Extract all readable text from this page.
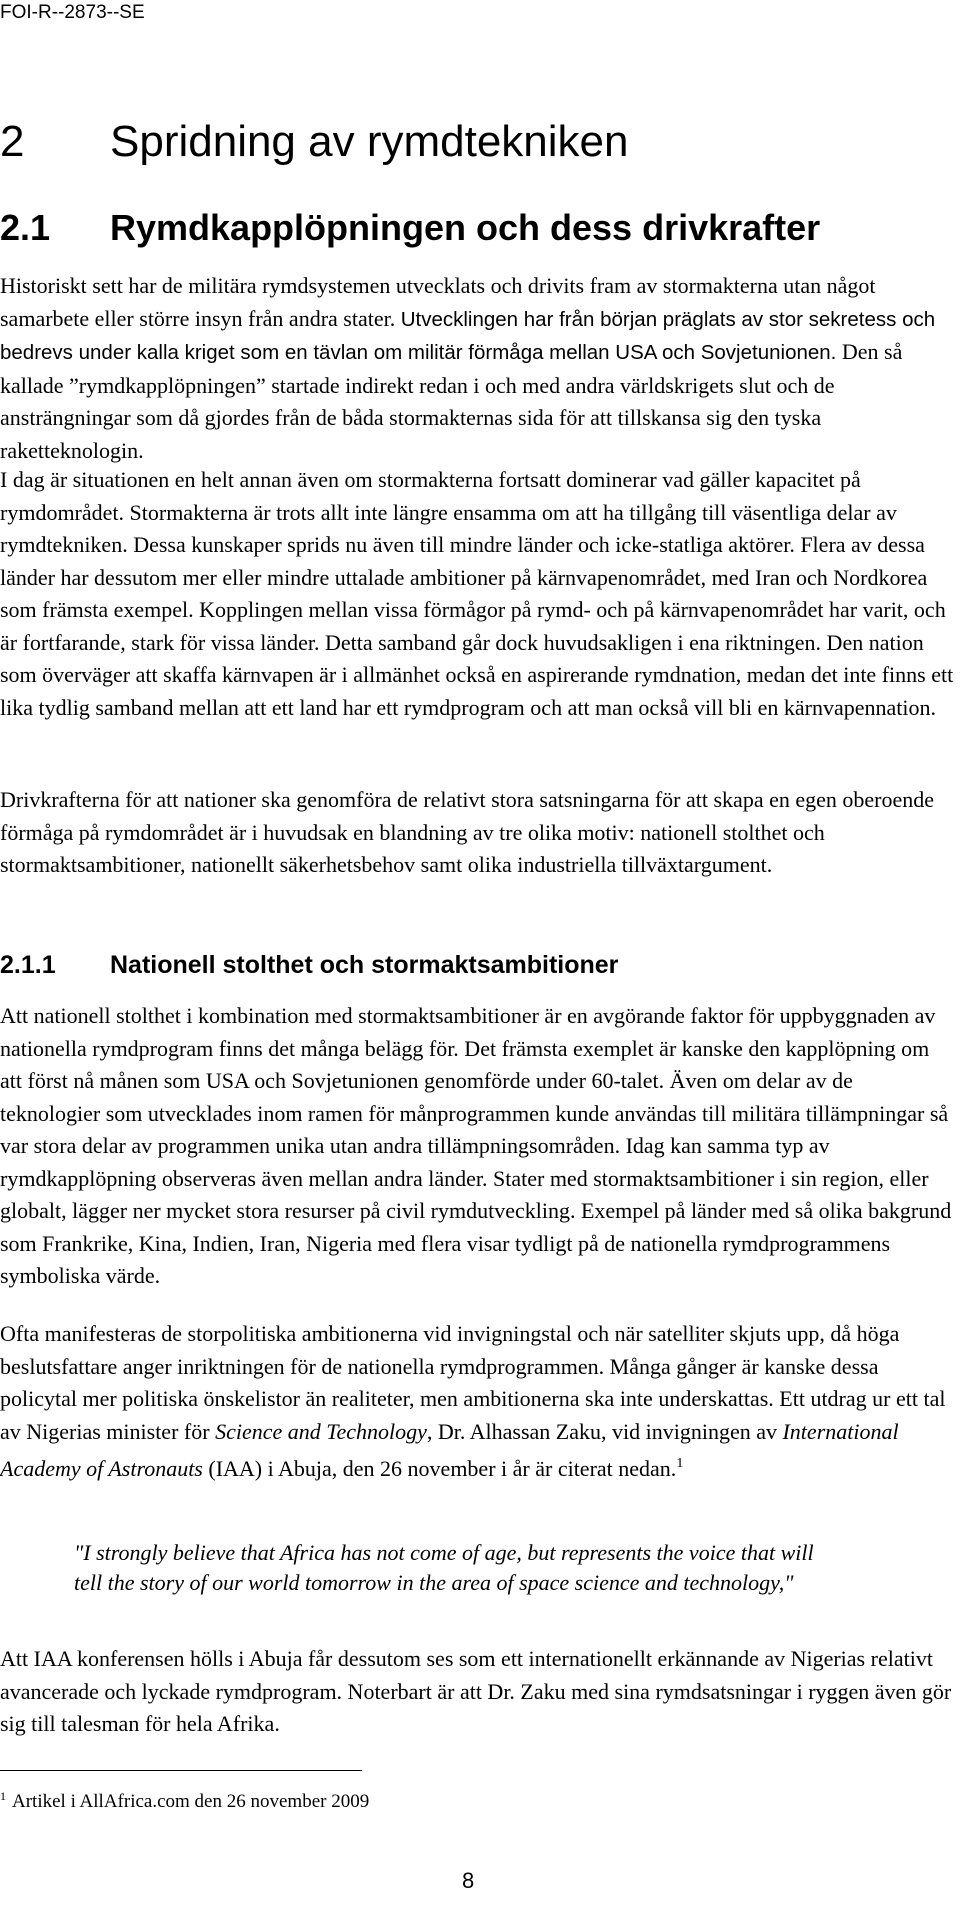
FOI-R--2873--SE
2 Spridning av rymdtekniken
2.1 Rymdkapplöpningen och dess drivkrafter
Historiskt sett har de militära rymdsystemen utvecklats och drivits fram av stormakterna utan något samarbete eller större insyn från andra stater. Utvecklingen har från början präglats av stor sekretess och bedrevs under kalla kriget som en tävlan om militär förmåga mellan USA och Sovjetunionen. Den så kallade ”rymdkapplöpningen” startade indirekt redan i och med andra världskrigets slut och de ansträngningar som då gjordes från de båda stormakternas sida för att tillskansa sig den tyska raketteknologin.
I dag är situationen en helt annan även om stormakterna fortsatt dominerar vad gäller kapacitet på rymdområdet. Stormakterna är trots allt inte längre ensamma om att ha tillgång till väsentliga delar av rymdtekniken. Dessa kunskaper sprids nu även till mindre länder och icke-statliga aktörer. Flera av dessa länder har dessutom mer eller mindre uttalade ambitioner på kärnvapenområdet, med Iran och Nordkorea som främsta exempel. Kopplingen mellan vissa förmågor på rymd- och på kärnvapenområdet har varit, och är fortfarande, stark för vissa länder. Detta samband går dock huvudsakligen i ena riktningen. Den nation som överväger att skaffa kärnvapen är i allmänhet också en aspirerande rymdnation, medan det inte finns ett lika tydlig samband mellan att ett land har ett rymdprogram och att man också vill bli en kärnvapennation.
Drivkrafterna för att nationer ska genomföra de relativt stora satsningarna för att skapa en egen oberoende förmåga på rymdområdet är i huvudsak en blandning av tre olika motiv: nationell stolthet och stormaktsambitioner, nationellt säkerhetsbehov samt olika industriella tillväxtargument.
2.1.1 Nationell stolthet och stormaktsambitioner
Att nationell stolthet i kombination med stormaktsambitioner är en avgörande faktor för uppbyggnaden av nationella rymdprogram finns det många belägg för. Det främsta exemplet är kanske den kapplöpning om att först nå månen som USA och Sovjetunionen genomförde under 60-talet. Även om delar av de teknologier som utvecklades inom ramen för månprogrammen kunde användas till militära tillämpningar så var stora delar av programmen unika utan andra tillämpningsområden. Idag kan samma typ av rymdkapplöpning observeras även mellan andra länder. Stater med stormaktsambitioner i sin region, eller globalt, lägger ner mycket stora resurser på civil rymdutveckling. Exempel på länder med så olika bakgrund som Frankrike, Kina, Indien, Iran, Nigeria med flera visar tydligt på de nationella rymdprogrammens symboliska värde.
Ofta manifesteras de storpolitiska ambitionerna vid invigningstal och när satelliter skjuts upp, då höga beslutsfattare anger inriktningen för de nationella rymdprogrammen. Många gånger är kanske dessa policytal mer politiska önskelistor än realiteter, men ambitionerna ska inte underskattas. Ett utdrag ur ett tal av Nigerias minister för Science and Technology, Dr. Alhassan Zaku, vid invigningen av International Academy of Astronauts (IAA) i Abuja, den 26 november i år är citerat nedan.$^1$
"I strongly believe that Africa has not come of age, but represents the voice that will tell the story of our world tomorrow in the area of space science and technology,"
Att IAA konferensen hölls i Abuja får dessutom ses som ett internationellt erkännande av Nigerias relativt avancerade och lyckade rymdprogram. Noterbart är att Dr. Zaku med sina rymdsatsningar i ryggen även gör sig till talesman för hela Afrika.
$^1$ Artikel i AllAfrica.com den 26 november 2009
8
